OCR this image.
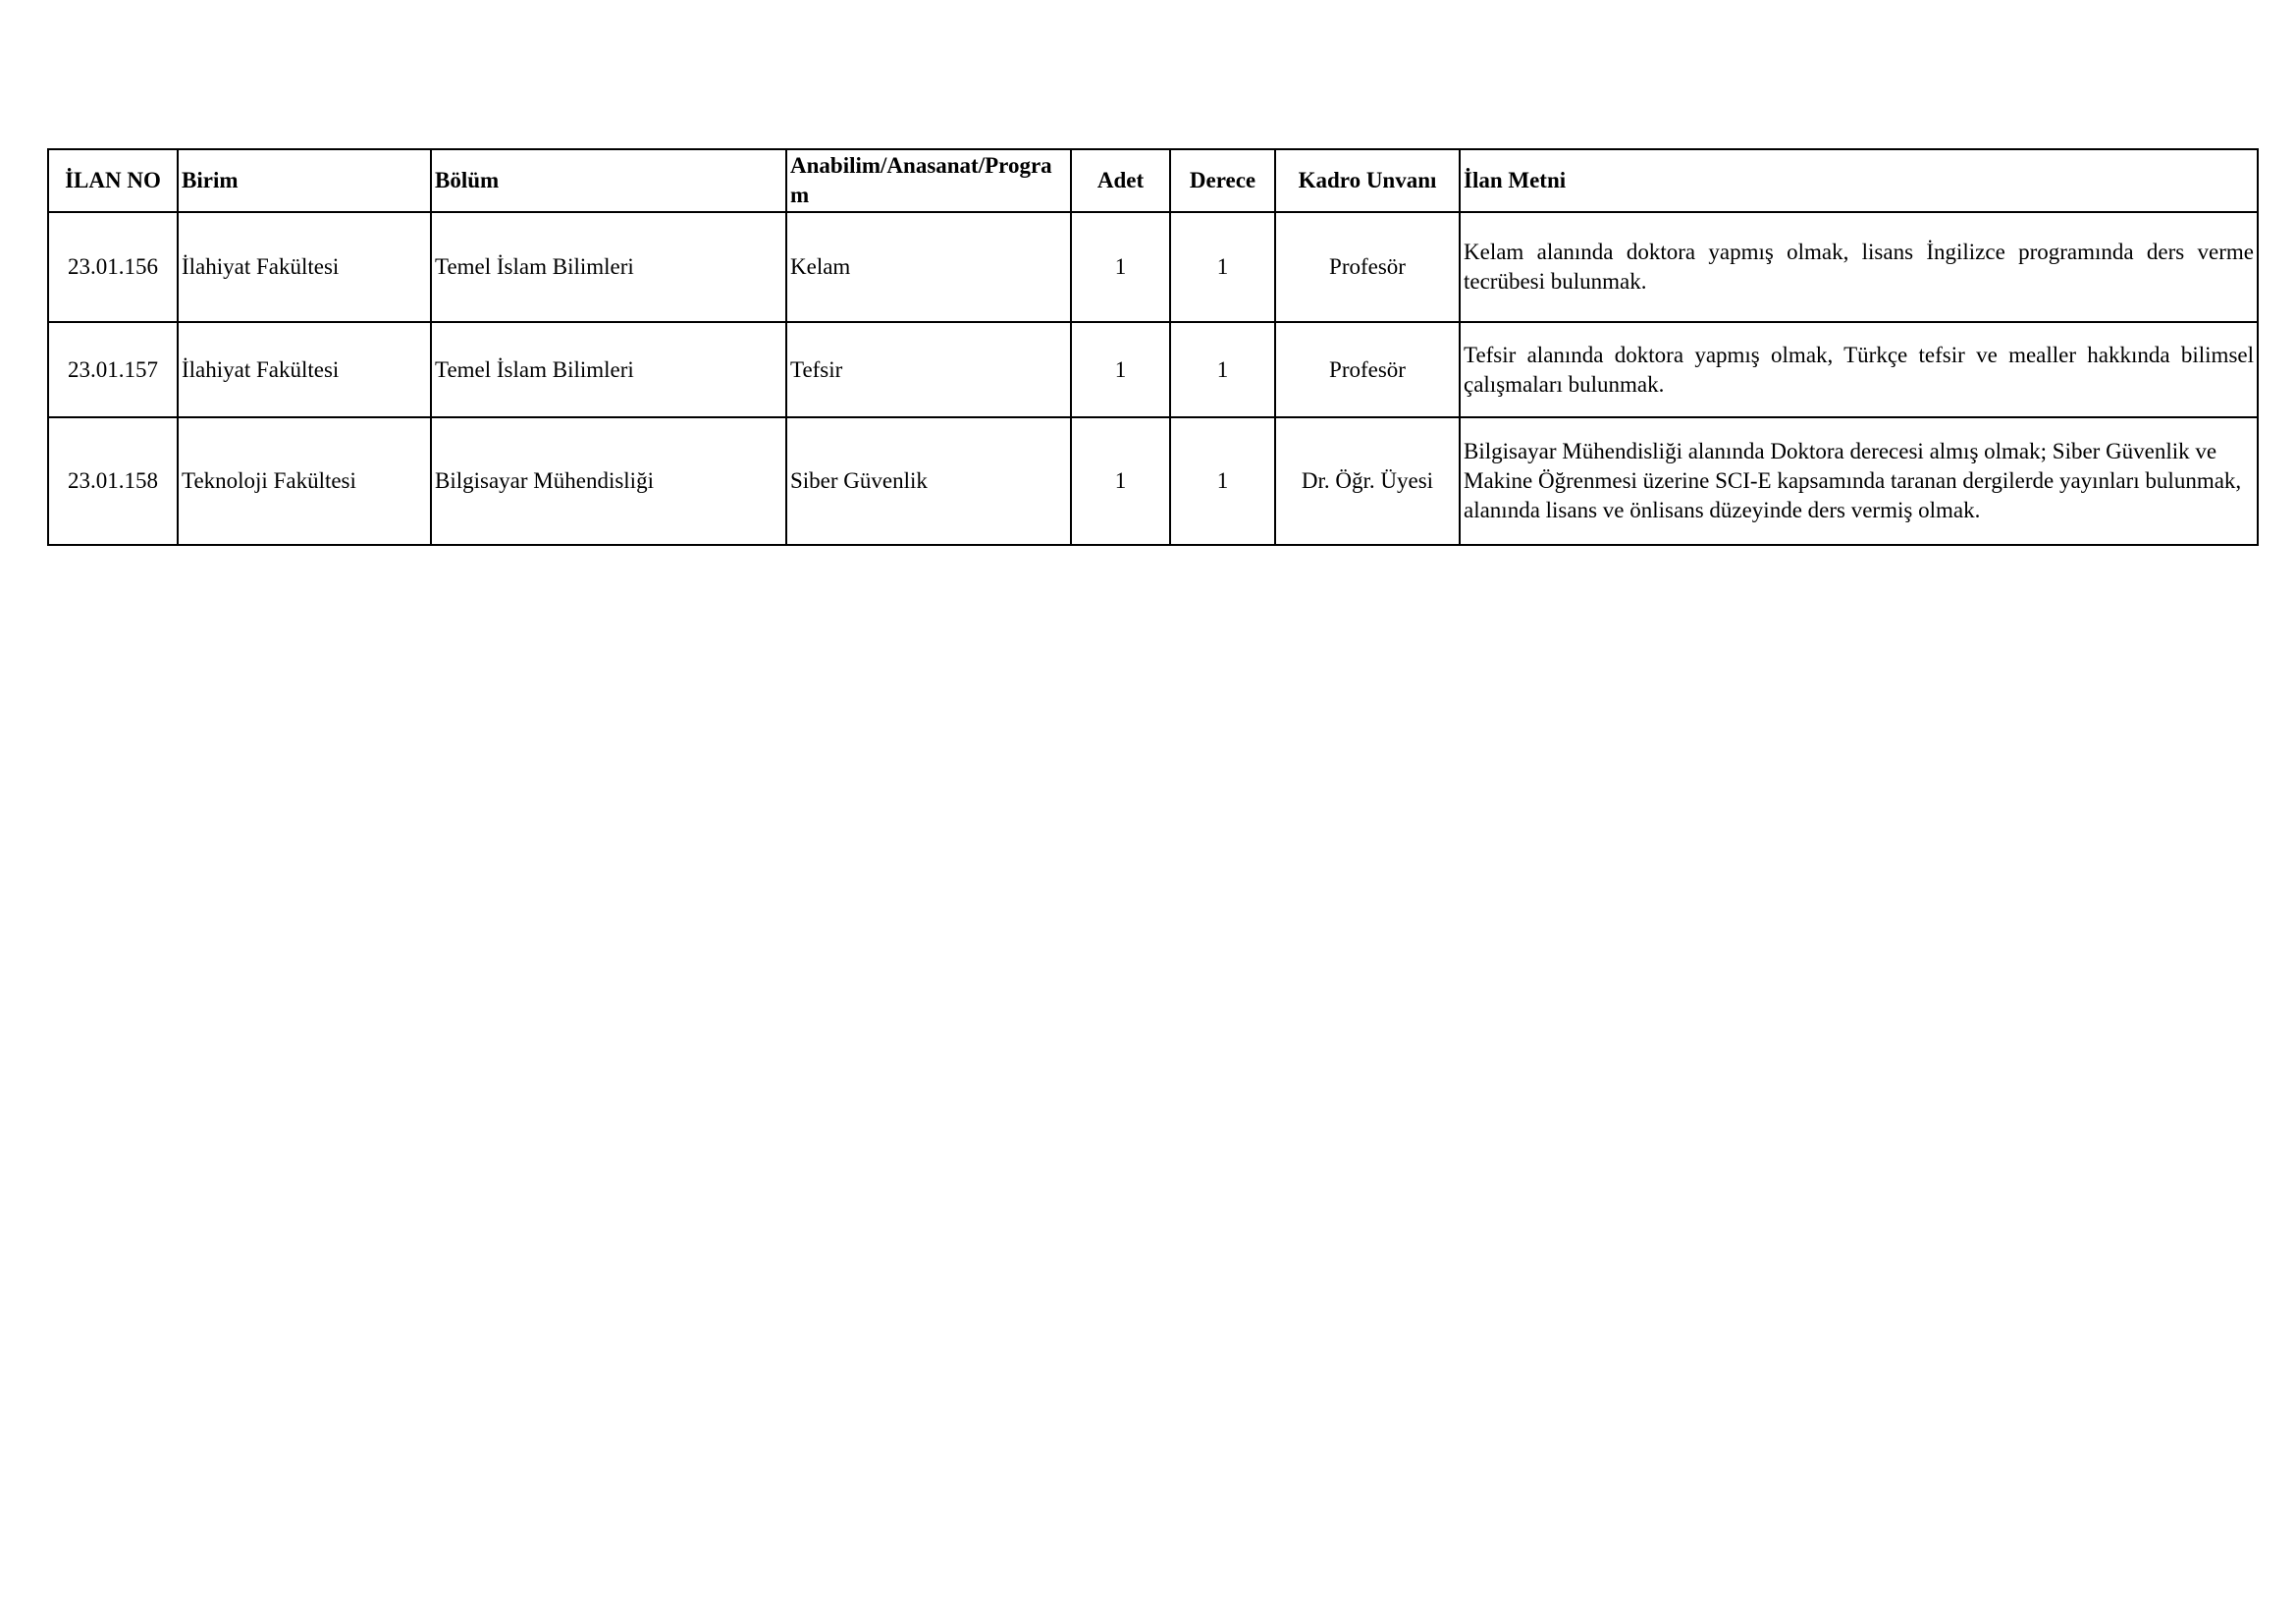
İLAN NO	Birim	Bölüm	Anabilim/Anasanat/Program	Adet	Derece	Kadro Unvanı	İlan Metni
23.01.156	İlahiyat Fakültesi	Temel İslam Bilimleri	Kelam	1	1	Profesör	Kelam alanında doktora yapmış olmak, lisans İngilizce programında ders verme tecrübesi bulunmak.
23.01.157	İlahiyat Fakültesi	Temel İslam Bilimleri	Tefsir	1	1	Profesör	Tefsir alanında doktora yapmış olmak, Türkçe tefsir ve mealler hakkında bilimsel çalışmaları bulunmak.
23.01.158	Teknoloji Fakültesi	Bilgisayar Mühendisliği	Siber Güvenlik	1	1	Dr. Öğr. Üyesi	Bilgisayar Mühendisliği alanında Doktora derecesi almış olmak; Siber Güvenlik ve Makine Öğrenmesi üzerine SCI-E kapsamında taranan dergilerde yayınları bulunmak, alanında lisans ve önlisans düzeyinde ders vermiş olmak.
